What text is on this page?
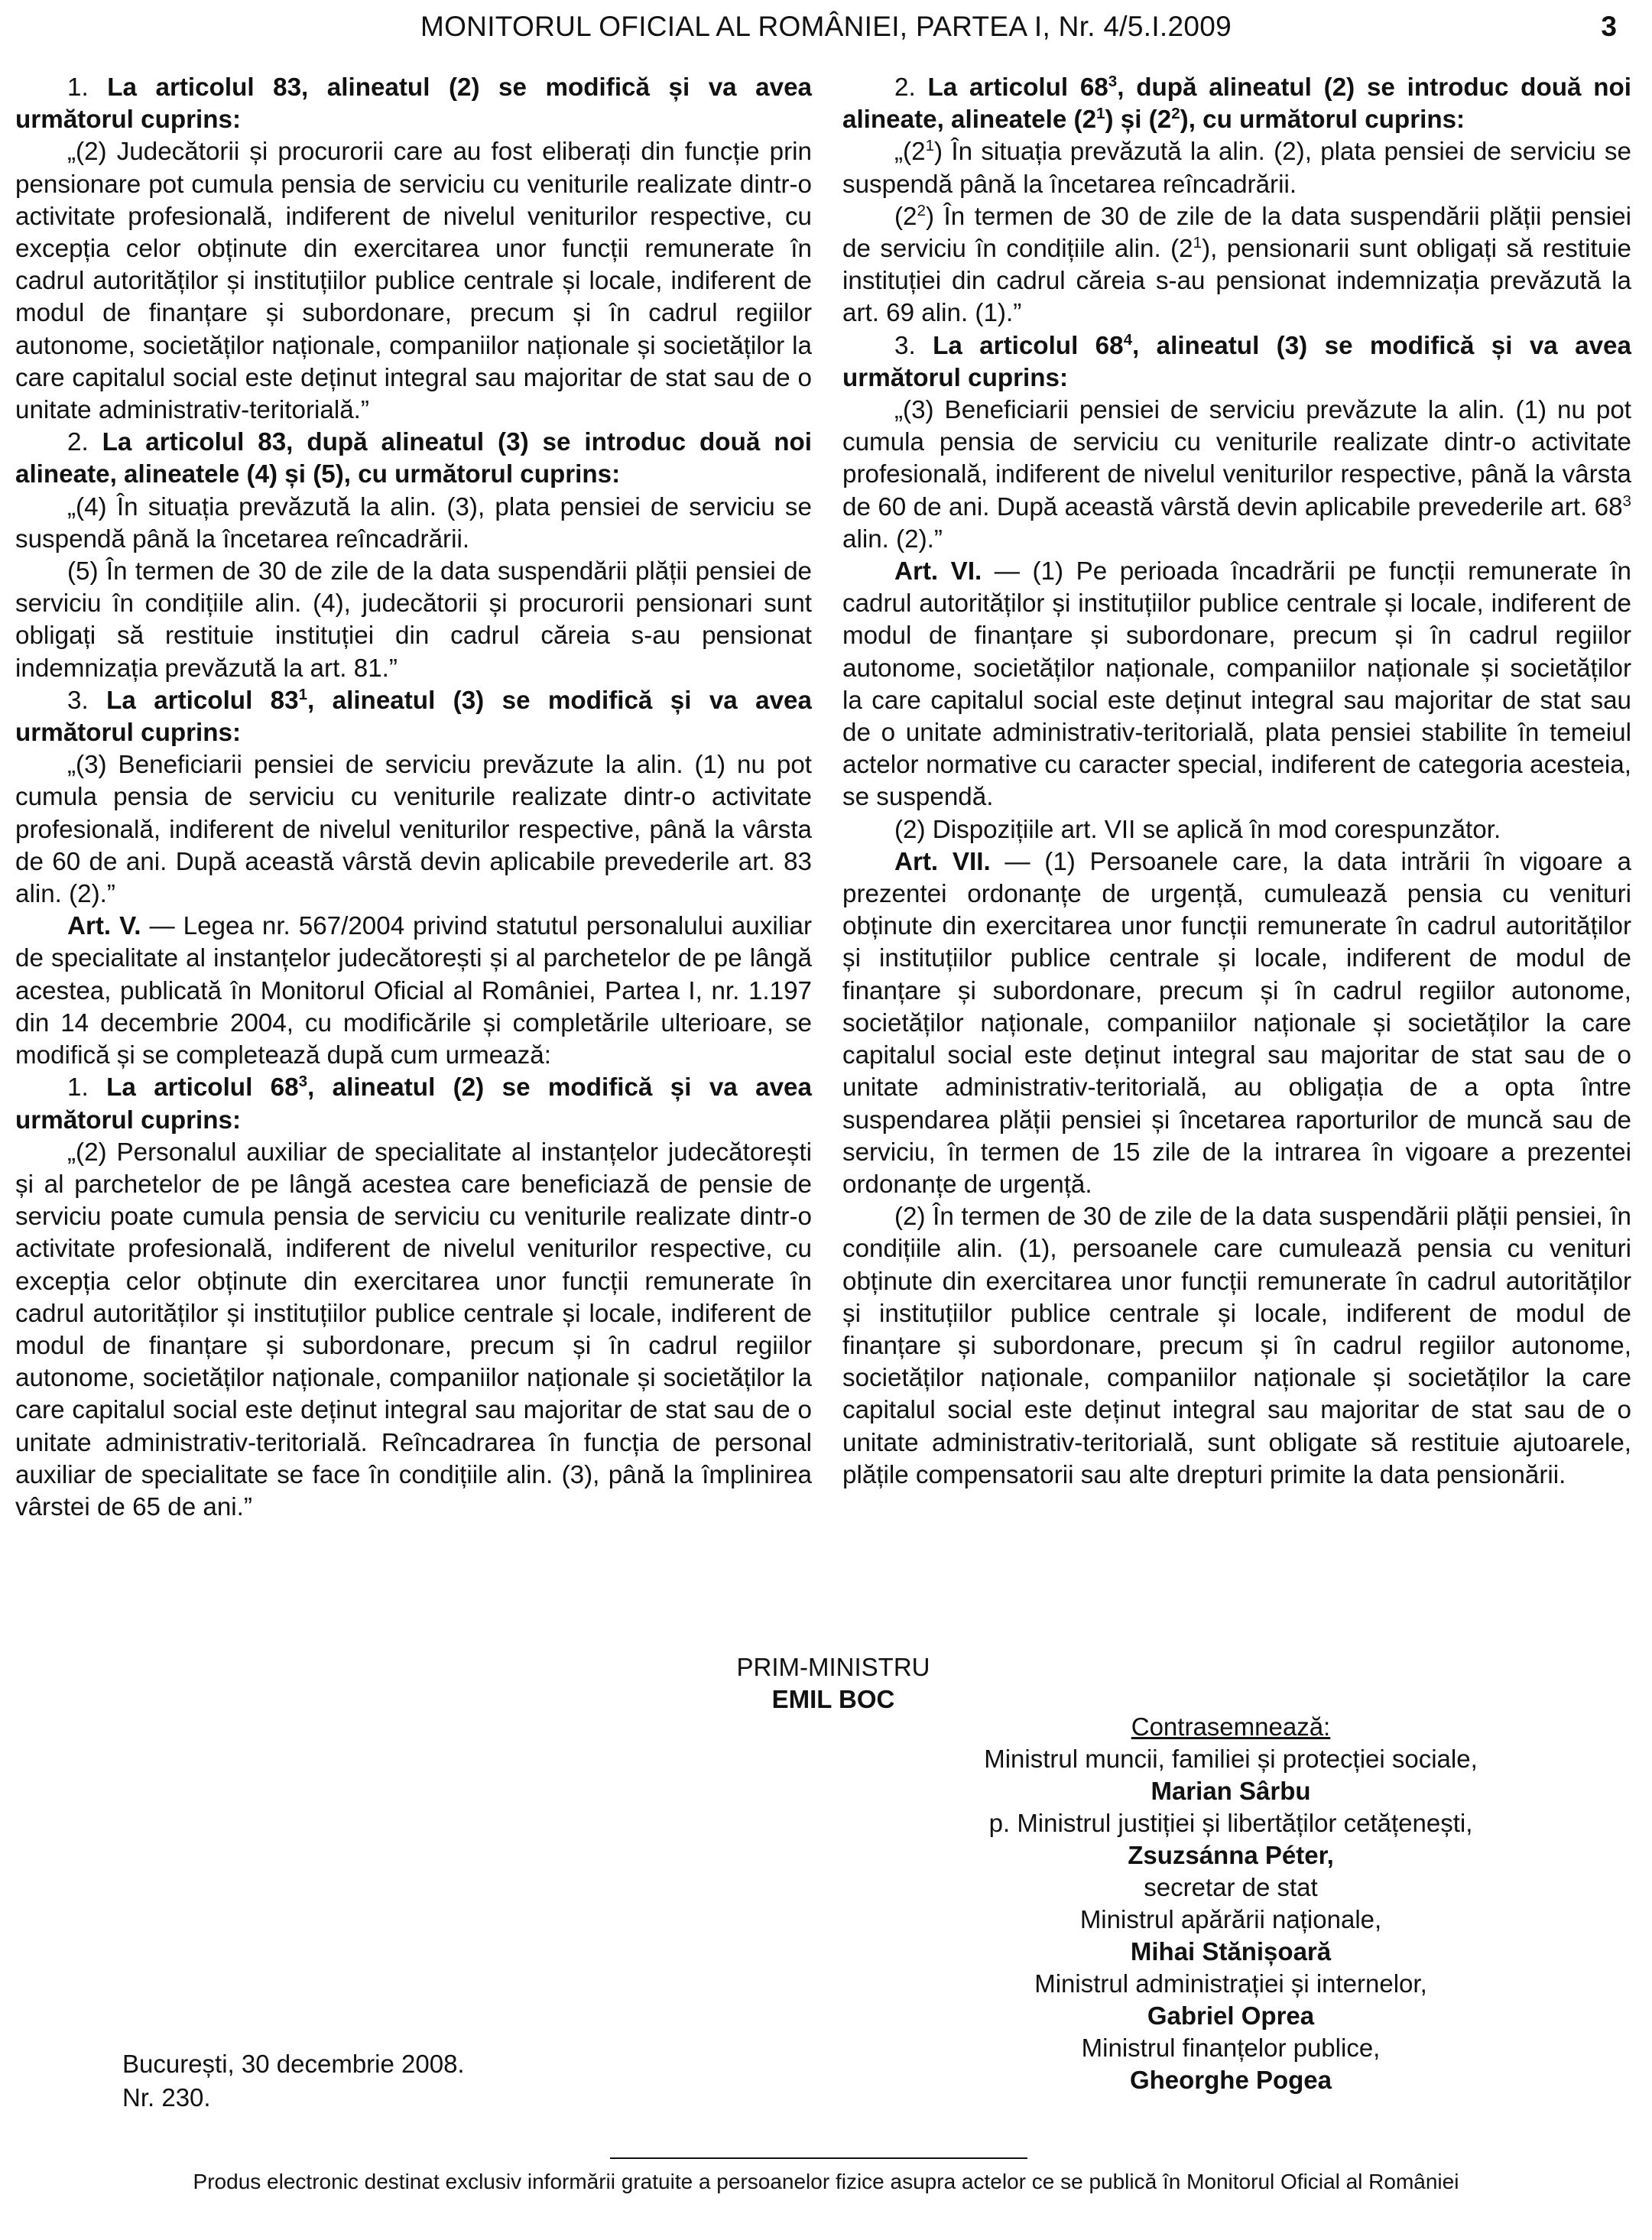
MONITORUL OFICIAL AL ROMÂNIEI, PARTEA I, Nr. 4/5.I.2009	3

1. La articolul 83, alineatul (2) se modifică și va avea următorul cuprins:

„(2) Judecătorii și procurorii care au fost eliberați din funcție prin pensionare pot cumula pensia de serviciu cu veniturile realizate dintr-o activitate profesională, indiferent de nivelul veniturilor respective, cu excepția celor obținute din exercitarea unor funcții remunerate în cadrul autorităților și instituțiilor publice centrale și locale, indiferent de modul de finanțare și subordonare, precum și în cadrul regiilor autonome, societăților naționale, companiilor naționale și societăților la care capitalul social este deținut integral sau majoritar de stat sau de o unitate administrativ-teritorială.”

2. La articolul 83, după alineatul (3) se introduc două noi alineate, alineatele (4) și (5), cu următorul cuprins:

„(4) În situația prevăzută la alin. (3), plata pensiei de serviciu se suspendă până la încetarea reîncadrării.

(5) În termen de 30 de zile de la data suspendării plății pensiei de serviciu în condițiile alin. (4), judecătorii și procurorii pensionari sunt obligați să restituie instituției din cadrul căreia s-au pensionat indemnizația prevăzută la art. 81.”

3. La articolul $83^1$, alineatul (3) se modifică și va avea următorul cuprins:

„(3) Beneficiarii pensiei de serviciu prevăzute la alin. (1) nu pot cumula pensia de serviciu cu veniturile realizate dintr-o activitate profesională, indiferent de nivelul veniturilor respective, până la vârsta de 60 de ani. După această vârstă devin aplicabile prevederile art. 83 alin. (2).”

Art. V. — Legea nr. 567/2004 privind statutul personalului auxiliar de specialitate al instanțelor judecătorești și al parchetelor de pe lângă acestea, publicată în Monitorul Oficial al României, Partea I, nr. 1.197 din 14 decembrie 2004, cu modificările și completările ulterioare, se modifică și se completează după cum urmează:

1. La articolul $68^3$, alineatul (2) se modifică și va avea următorul cuprins:

„(2) Personalul auxiliar de specialitate al instanțelor judecătorești și al parchetelor de pe lângă acestea care beneficiază de pensie de serviciu poate cumula pensia de serviciu cu veniturile realizate dintr-o activitate profesională, indiferent de nivelul veniturilor respective, cu excepția celor obținute din exercitarea unor funcții remunerate în cadrul autorităților și instituțiilor publice centrale și locale, indiferent de modul de finanțare și subordonare, precum și în cadrul regiilor autonome, societăților naționale, companiilor naționale și societăților la care capitalul social este deținut integral sau majoritar de stat sau de o unitate administrativ-teritorială. Reîncadrarea în funcția de personal auxiliar de specialitate se face în condițiile alin. (3), până la împlinirea vârstei de 65 de ani.”

2. La articolul $68^3$, după alineatul (2) se introduc două noi alineate, alineatele $(2^1)$ și $(2^2)$, cu următorul cuprins:

$„(2^1)$ În situația prevăzută la alin. (2), plata pensiei de serviciu se suspendă până la încetarea reîncadrării.

$(2^2)$ În termen de 30 de zile de la data suspendării plății pensiei de serviciu în condițiile alin. $(2^1)$, pensionarii sunt obligați să restituie instituției din cadrul căreia s-au pensionat indemnizația prevăzută la art. 69 alin. (1).”

3. La articolul $68^4$, alineatul (3) se modifică și va avea următorul cuprins:

„(3) Beneficiarii pensiei de serviciu prevăzute la alin. (1) nu pot cumula pensia de serviciu cu veniturile realizate dintr-o activitate profesională, indiferent de nivelul veniturilor respective, până la vârsta de 60 de ani. După această vârstă devin aplicabile prevederile art. $68^3$ alin. (2).”

Art. VI. — (1) Pe perioada încadrării pe funcții remunerate în cadrul autorităților și instituțiilor publice centrale și locale, indiferent de modul de finanțare și subordonare, precum și în cadrul regiilor autonome, societăților naționale, companiilor naționale și societăților la care capitalul social este deținut integral sau majoritar de stat sau de o unitate administrativ-teritorială, plata pensiei stabilite în temeiul actelor normative cu caracter special, indiferent de categoria acesteia, se suspendă.

(2) Dispozițiile art. VII se aplică în mod corespunzător.

Art. VII. — (1) Persoanele care, la data intrării în vigoare a prezentei ordonanțe de urgență, cumulează pensia cu venituri obținute din exercitarea unor funcții remunerate în cadrul autorităților și instituțiilor publice centrale și locale, indiferent de modul de finanțare și subordonare, precum și în cadrul regiilor autonome, societăților naționale, companiilor naționale și societăților la care capitalul social este deținut integral sau majoritar de stat sau de o unitate administrativ-teritorială, au obligația de a opta între suspendarea plății pensiei și încetarea raporturilor de muncă sau de serviciu, în termen de 15 zile de la intrarea în vigoare a prezentei ordonanțe de urgență.

(2) În termen de 30 de zile de la data suspendării plății pensiei, în condițiile alin. (1), persoanele care cumulează pensia cu venituri obținute din exercitarea unor funcții remunerate în cadrul autorităților și instituțiilor publice centrale și locale, indiferent de modul de finanțare și subordonare, precum și în cadrul regiilor autonome, societăților naționale, companiilor naționale și societăților la care capitalul social este deținut integral sau majoritar de stat sau de o unitate administrativ-teritorială, sunt obligate să restituie ajutoarele, plățile compensatorii sau alte drepturi primite la data pensionării.

PRIM-MINISTRU
EMIL BOC
Contrasemnează:
Ministrul muncii, familiei și protecției sociale,
Marian Sârbu
p. Ministrul justiției și libertăților cetățenești,
Zsuzsánna Péter,
secretar de stat
Ministrul apărării naționale,
Mihai Stănișoară
Ministrul administrației și internelor,
Gabriel Oprea
Ministrul finanțelor publice,
Gheorghe Pogea
București, 30 decembrie 2008.
Nr. 230.
Produs electronic destinat exclusiv informării gratuite a persoanelor fizice asupra actelor ce se publică în Monitorul Oficial al României
